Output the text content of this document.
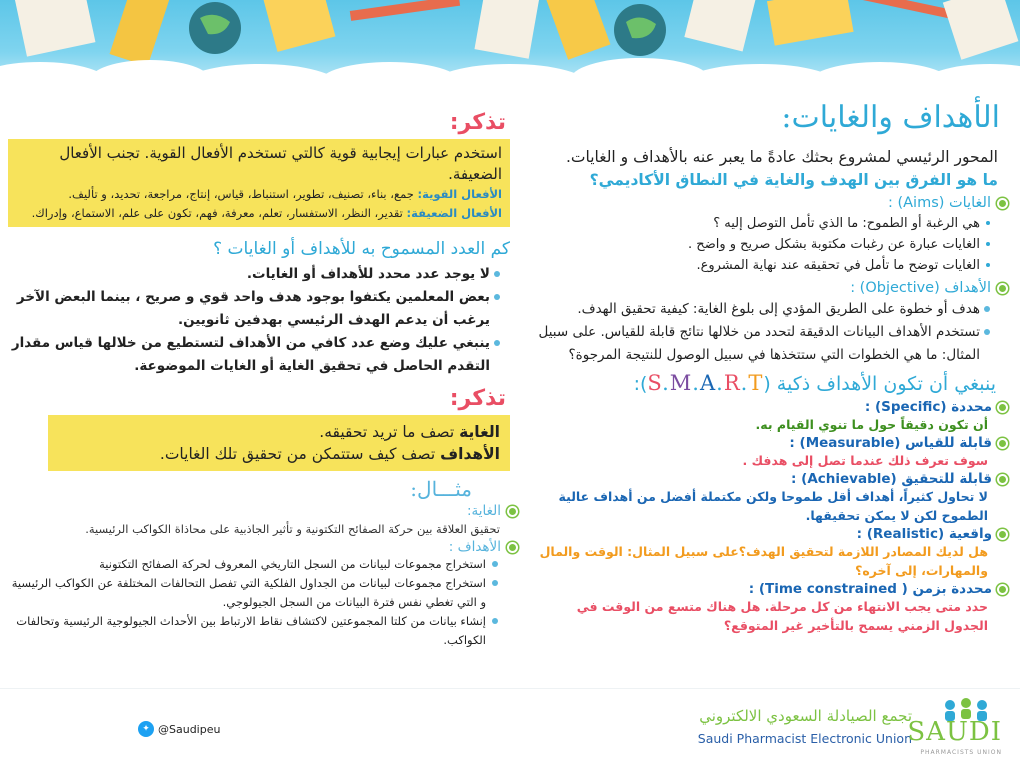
الأهداف والغايات:

المحور الرئيسي لمشروع بحثك عادةً ما يعبر عنه بالأهداف و الغايات.

ما هو الفرق بين الهدف والغاية في النطاق الأكاديمي؟

الغايات (Aims) :
هي الرغبة أو الطموح: ما الذي تأمل التوصل إليه ؟
الغايات عبارة عن رغبات مكتوبة بشكل صريح و واضح .
الغايات توضح ما تأمل في تحقيقه عند نهاية المشروع.
الأهداف (Objective) :
هدف أو خطوة على الطريق المؤدي إلى بلوغ الغاية: كيفية تحقيق الهدف.
تستخدم الأهداف البيانات الدقيقة لتحدد من خلالها نتائج قابلة للقياس. على سبيل المثال: ما هي الخطوات التي ستتخذها في سبيل الوصول للنتيجة المرجوة؟
ينبغي أن تكون الأهداف ذكية (S.M.A.R.T):
محددة (Specific) :
أن تكون دقيقاً حول ما تنوي القيام به.
قابلة للقياس (Measurable) :
سوف تعرف ذلك عندما تصل إلى هدفك .
قابلة للتحقيق (Achievable) :
لا تحاول كثيراً، أهداف أقل طموحا ولكن مكتملة أفضل من أهداف عالية الطموح لكن لا يمكن تحقيقها.
واقعية (Realistic) :
هل لديك المصادر اللازمة لتحقيق الهدف؟على سبيل المثال: الوقت والمال والمهارات، إلى آخره؟
محددة بزمن ( Time constrained) :
حدد متى يجب الانتهاء من كل مرحلة. هل هناك متسع من الوقت في الجدول الزمني يسمح بالتأخير غير المتوقع؟
تذكر:
استخدم عبارات إيجابية قوية كالتي تستخدم الأفعال القوية. تجنب الأفعال الضعيفة.
الأفعال القوية: جمع، بناء، تصنيف، تطوير، استنباط، قياس، إنتاج، مراجعة، تحديد، و تأليف.
الأفعال الضعيفة: تقدير، النظر، الاستفسار، تعلم، معرفة، فهم، تكون على علم، الاستماع، وإدراك.
كم العدد المسموح به للأهداف أو الغايات ؟
لا يوجد عدد محدد للأهداف أو الغايات.
بعض المعلمين يكتفوا بوجود هدف واحد قوي و صريح ، بينما البعض الآخر يرغب أن يدعم الهدف الرئيسي بهدفين ثانويين.
ينبغي عليك وضع عدد كافي من الأهداف لتستطيع من خلالها قياس مقدار التقدم الحاصل في تحقيق الغاية أو الغايات الموضوعة.
تذكر:
الغاية تصف ما تريد تحقيقه.
الأهداف تصف كيف ستتمكن من تحقيق تلك الغايات.
مثـــال:
الغاية:

تحقيق العلاقة بين حركة الصفائح التكتونية و تأثير الجاذبية على محاذاة الكواكب الرئيسية.

الأهداف :
استخراج مجموعات لبيانات من السجل التاريخي المعروف لحركة الصفائح التكتونية
استخراج مجموعات لبيانات من الجداول الفلكية التي تفصل التحالفات المختلفة عن الكواكب الرئيسية و التي تغطي نفس فترة البيانات من السجل الجيولوجي.
إنشاء بيانات من كلتا المجموعتين لاكتشاف نقاط الارتباط بين الأحداث الجيولوجية الرئيسية وتحالفات الكواكب.
✦ @Saudipeu
تجمع الصيادلة السعودي الالكتروني
Saudi Pharmacist Electronic Union
SAUDI
PHARMACISTS UNION
